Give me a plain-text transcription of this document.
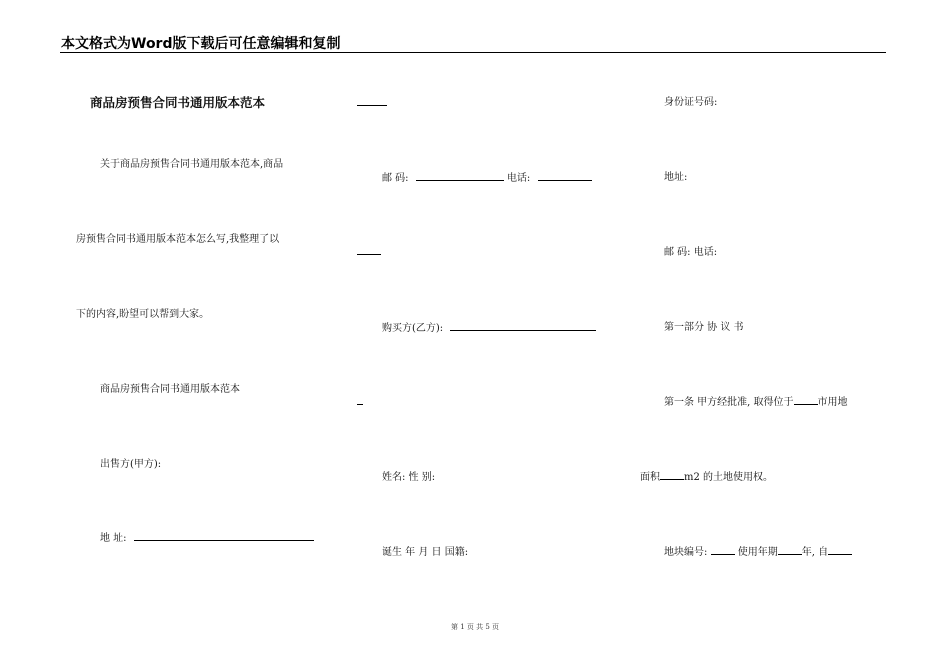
本文格式为Word版下载后可任意编辑和复制
商品房预售合同书通用版本范本
关于商品房预售合同书通用版本范本,商品
房预售合同书通用版本范本怎么写,我整理了以
下的内容,盼望可以帮到大家。
商品房预售合同书通用版本范本
出售方(甲方):
地 址:
邮 码:	电话:
购买方(乙方):
姓名: 性 别:
诞生 年 月 日 国籍:
身份证号码:
地址:
邮 码: 电话:
第一部分 协 议 书
第一条 甲方经批准, 取得位于 市用地
面积 m2 的土地使用权。
地块编号:	使用年期 年, 自
第 1 页 共 5 页
